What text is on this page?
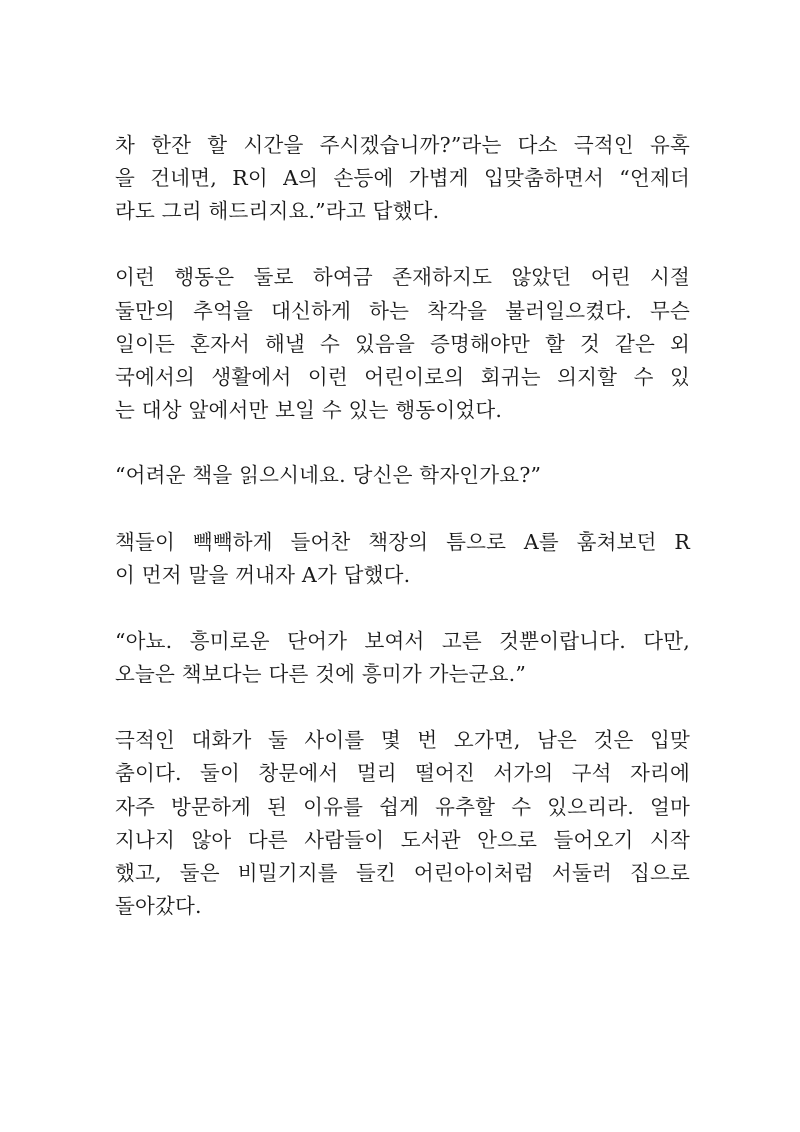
차 한잔 할 시간을 주시겠습니까?”라는 다소 극적인 유혹
을 건네면, R이 A의 손등에 가볍게 입맞춤하면서 “언제더
라도 그리 해드리지요.”라고 답했다.
이런 행동은 둘로 하여금 존재하지도 않았던 어린 시절
둘만의 추억을 대신하게 하는 착각을 불러일으켰다. 무슨
일이든 혼자서 해낼 수 있음을 증명해야만 할 것 같은 외
국에서의 생활에서 이런 어린이로의 회귀는 의지할 수 있
는 대상 앞에서만 보일 수 있는 행동이었다.
“어려운 책을 읽으시네요. 당신은 학자인가요?”
책들이 빽빽하게 들어찬 책장의 틈으로 A를 훔쳐보던 R
이 먼저 말을 꺼내자 A가 답했다.
“아뇨. 흥미로운 단어가 보여서 고른 것뿐이랍니다. 다만,
오늘은 책보다는 다른 것에 흥미가 가는군요.”
극적인 대화가 둘 사이를 몇 번 오가면, 남은 것은 입맞
춤이다. 둘이 창문에서 멀리 떨어진 서가의 구석 자리에
자주 방문하게 된 이유를 쉽게 유추할 수 있으리라. 얼마
지나지 않아 다른 사람들이 도서관 안으로 들어오기 시작
했고, 둘은 비밀기지를 들킨 어린아이처럼 서둘러 집으로
돌아갔다.
